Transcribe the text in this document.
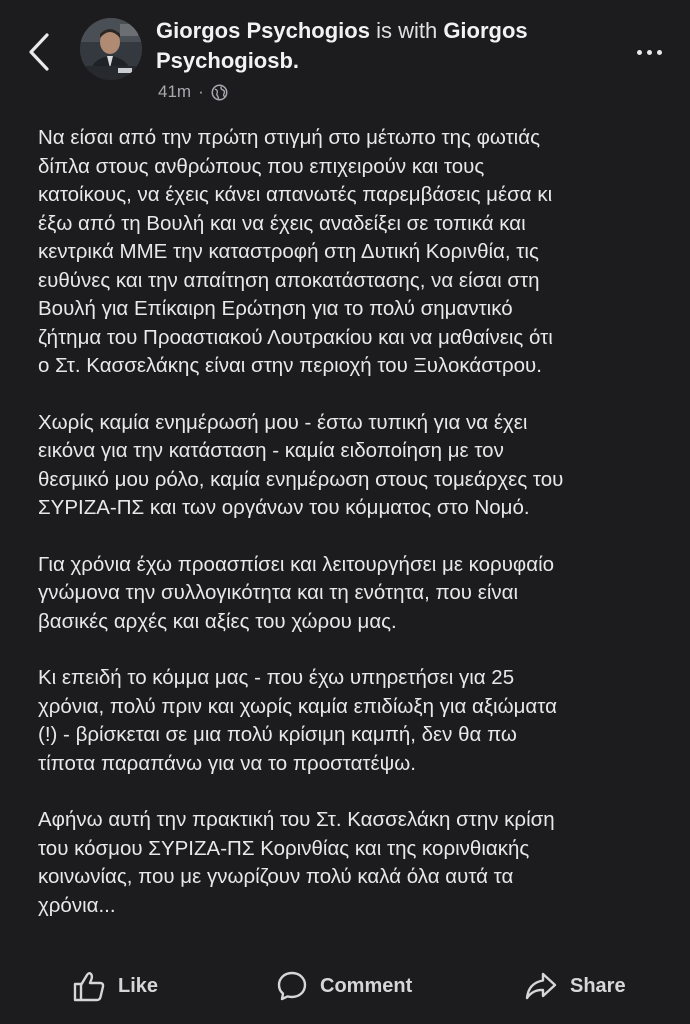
Giorgos Psychogios is with Giorgos Psychogiosb.
41m ·

Να είσαι από την πρώτη στιγμή στο μέτωπο της φωτιάς
δίπλα στους ανθρώπους που επιχειρούν και τους
κατοίκους, να έχεις κάνει απανωτές παρεμβάσεις μέσα κι
έξω από τη Βουλή και να έχεις αναδείξει σε τοπικά και
κεντρικά ΜΜΕ την καταστροφή στη Δυτική Κορινθία, τις
ευθύνες και την απαίτηση αποκατάστασης, να είσαι στη
Βουλή για Επίκαιρη Ερώτηση για το πολύ σημαντικό
ζήτημα του Προαστιακού Λουτρακίου και να μαθαίνεις ότι
ο Στ. Κασσελάκης είναι στην περιοχή του Ξυλοκάστρου.

Χωρίς καμία ενημέρωσή μου - έστω τυπική για να έχει
εικόνα για την κατάσταση - καμία ειδοποίηση με τον
θεσμικό μου ρόλο, καμία ενημέρωση στους τομεάρχες του
ΣΥΡΙΖΑ-ΠΣ και των οργάνων του κόμματος στο Νομό.

Για χρόνια έχω προασπίσει και λειτουργήσει με κορυφαίο
γνώμονα την συλλογικότητα και τη ενότητα, που είναι
βασικές αρχές και αξίες του χώρου μας.

Κι επειδή το κόμμα μας - που έχω υπηρετήσει για 25
χρόνια, πολύ πριν και χωρίς καμία επιδίωξη για αξιώματα
(!) - βρίσκεται σε μια πολύ κρίσιμη καμπή, δεν θα πω
τίποτα παραπάνω για να το προστατέψω.

Αφήνω αυτή την πρακτική του Στ. Κασσελάκη στην κρίση
του κόσμου ΣΥΡΙΖΑ-ΠΣ Κορινθίας και της κορινθιακής
κοινωνίας, που με γνωρίζουν πολύ καλά όλα αυτά τα
χρόνια...

Like	Comment	Share
